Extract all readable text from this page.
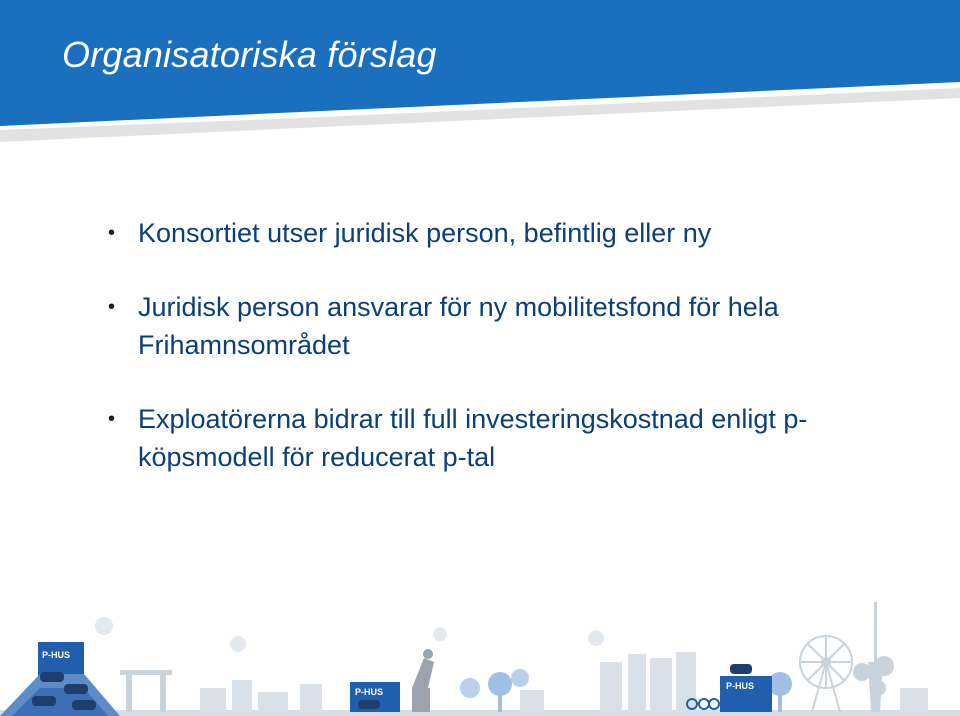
Organisatoriska förslag
• Konsortiet utser juridisk person, befintlig eller ny
• Juridisk person ansvarar för ny mobilitetsfond för hela Frihamnsområdet
• Exploatörerna bidrar till full investeringskostnad enligt p-köpsmodell för reducerat p-tal
P-HUS
P-HUS
P-HUS
